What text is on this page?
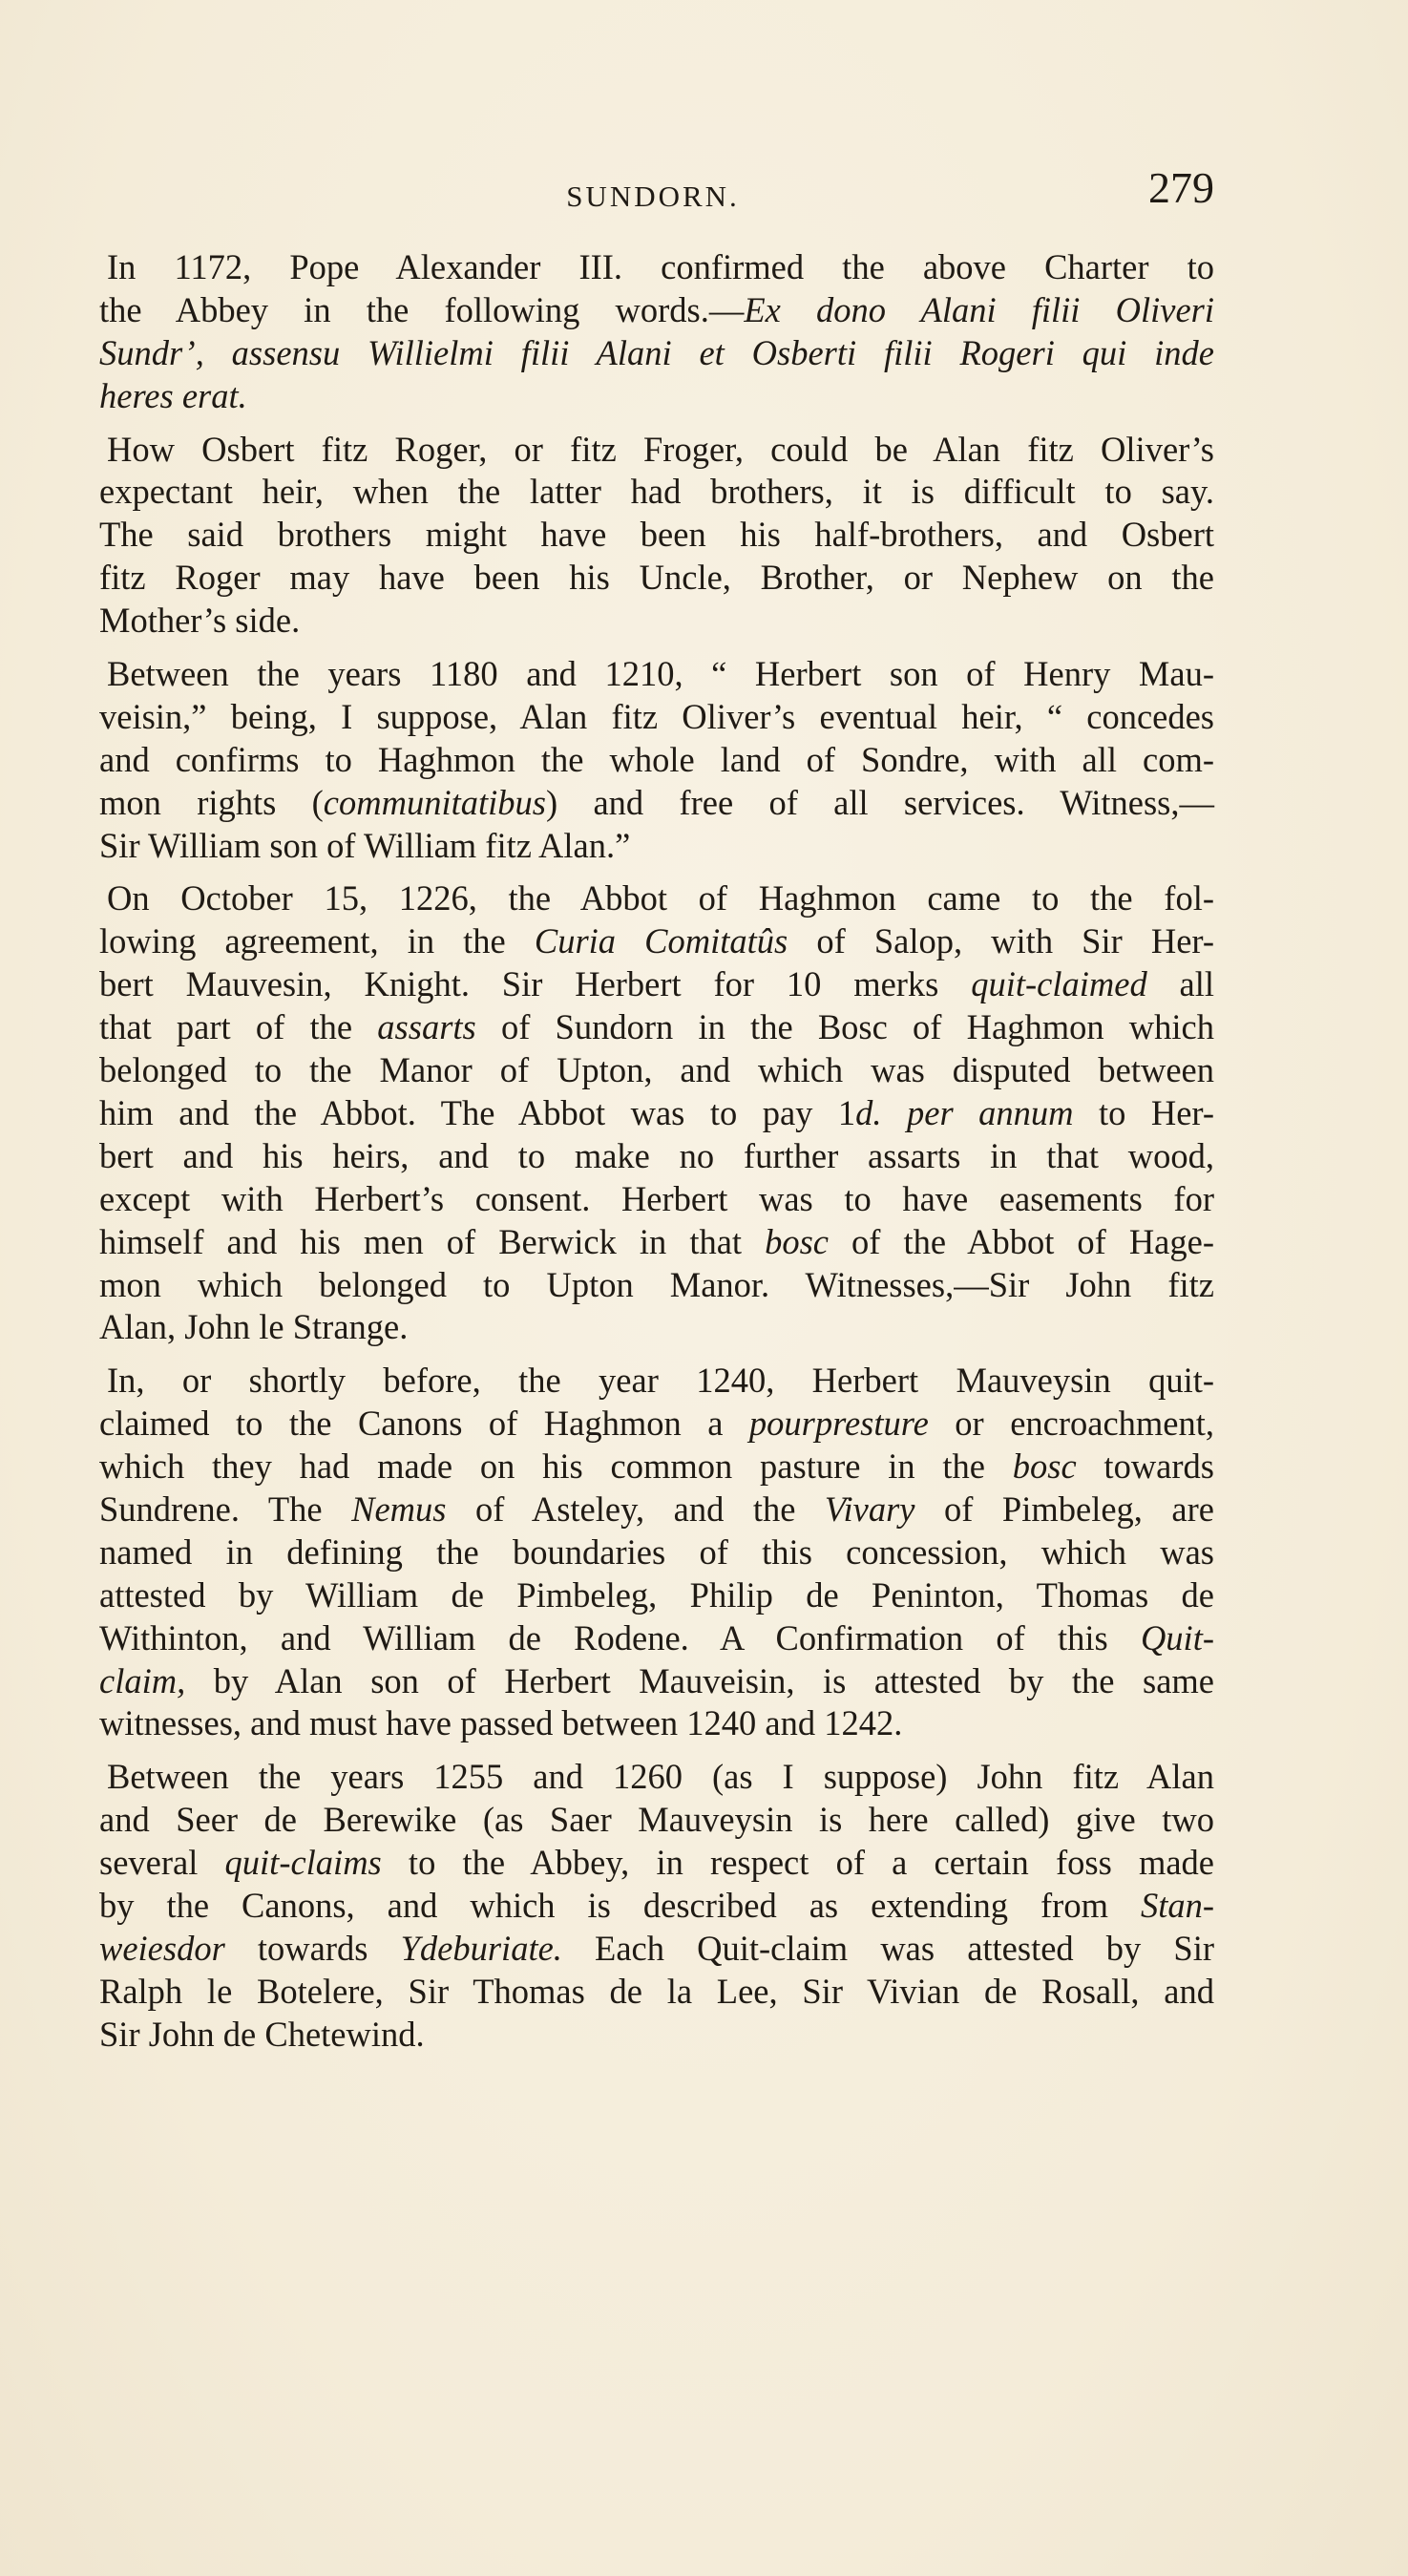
SUNDORN.	279

In 1172, Pope Alexander III. confirmed the above Charter to
the Abbey in the following words.—Ex dono Alani filii Oliveri
Sundr’, assensu Willielmi filii Alani et Osberti filii Rogeri qui inde
heres erat.

How Osbert fitz Roger, or fitz Froger, could be Alan fitz Oliver’s
expectant heir, when the latter had brothers, it is difficult to say.
The said brothers might have been his half-brothers, and Osbert
fitz Roger may have been his Uncle, Brother, or Nephew on the
Mother’s side.

Between the years 1180 and 1210, “ Herbert son of Henry Mau-
veisin,” being, I suppose, Alan fitz Oliver’s eventual heir, “ concedes
and confirms to Haghmon the whole land of Sondre, with all com-
mon rights (communitatibus) and free of all services. Witness,—
Sir William son of William fitz Alan.”

On October 15, 1226, the Abbot of Haghmon came to the fol-
lowing agreement, in the Curia Comitatûs of Salop, with Sir Her-
bert Mauvesin, Knight. Sir Herbert for 10 merks quit-claimed all
that part of the assarts of Sundorn in the Bosc of Haghmon which
belonged to the Manor of Upton, and which was disputed between
him and the Abbot. The Abbot was to pay 1d. per annum to Her-
bert and his heirs, and to make no further assarts in that wood,
except with Herbert’s consent. Herbert was to have easements for
himself and his men of Berwick in that bosc of the Abbot of Hage-
mon which belonged to Upton Manor. Witnesses,—Sir John fitz
Alan, John le Strange.

In, or shortly before, the year 1240, Herbert Mauveysin quit-
claimed to the Canons of Haghmon a pourpresture or encroachment,
which they had made on his common pasture in the bosc towards
Sundrene. The Nemus of Asteley, and the Vivary of Pimbeleg, are
named in defining the boundaries of this concession, which was
attested by William de Pimbeleg, Philip de Peninton, Thomas de
Withinton, and William de Rodene. A Confirmation of this Quit-
claim, by Alan son of Herbert Mauveisin, is attested by the same
witnesses, and must have passed between 1240 and 1242.

Between the years 1255 and 1260 (as I suppose) John fitz Alan
and Seer de Berewike (as Saer Mauveysin is here called) give two
several quit-claims to the Abbey, in respect of a certain foss made
by the Canons, and which is described as extending from Stan-
weiesdor towards Ydeburiate. Each Quit-claim was attested by Sir
Ralph le Botelere, Sir Thomas de la Lee, Sir Vivian de Rosall, and
Sir John de Chetewind.
